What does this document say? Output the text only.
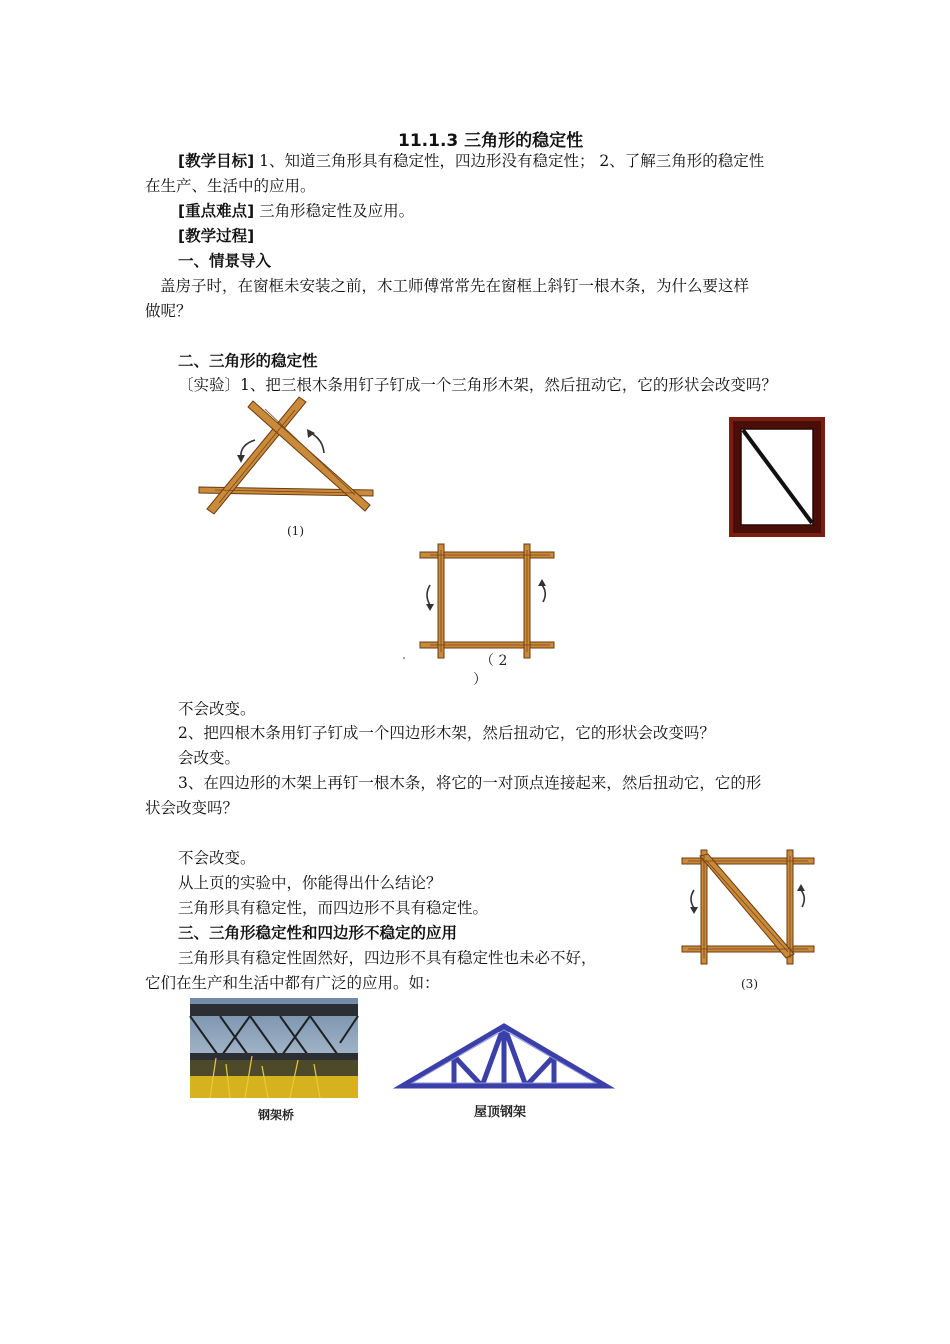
11.1.3 三角形的稳定性
[教学目标] 1、知道三角形具有稳定性，四边形没有稳定性； 2、了解三角形的稳定性
在生产、生活中的应用。
[重点难点] 三角形稳定性及应用。
[教学过程]
一、情景导入
盖房子时，在窗框未安装之前，木工师傅常常先在窗框上斜钉一根木条，为什么要这样
做呢？
二、三角形的稳定性
〔实验〕1、把三根木条用钉子钉成一个三角形木架，然后扭动它，它的形状会改变吗？
(1)
（ 2
）
不会改变。
2、把四根木条用钉子钉成一个四边形木架，然后扭动它，它的形状会改变吗？
会改变。
3、在四边形的木架上再钉一根木条，将它的一对顶点连接起来，然后扭动它，它的形
状会改变吗？
不会改变。
从上页的实验中，你能得出什么结论？
三角形具有稳定性，而四边形不具有稳定性。
(3)
三、三角形稳定性和四边形不稳定的应用
三角形具有稳定性固然好，四边形不具有稳定性也未必不好，
它们在生产和生活中都有广泛的应用。如：
钢架桥	屋顶钢架
